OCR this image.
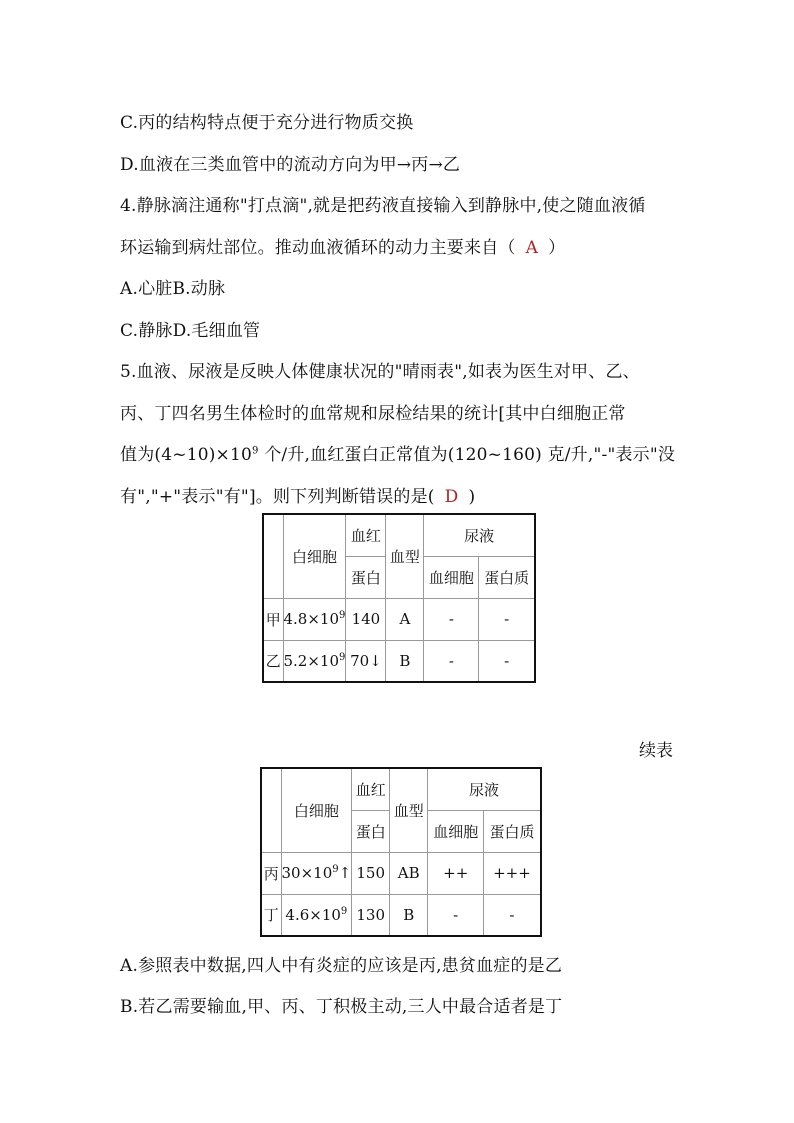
C.丙的结构特点便于充分进行物质交换
D.血液在三类血管中的流动方向为甲→丙→乙
4.静脉滴注通称"打点滴",就是把药液直接输入到静脉中,使之随血液循
环运输到病灶部位。推动血液循环的动力主要来自（ A ）
A.心脏B.动脉
C.静脉D.毛细血管
5.血液、尿液是反映人体健康状况的"晴雨表",如表为医生对甲、乙、
丙、丁四名男生体检时的血常规和尿检结果的统计[其中白细胞正常
值为$(4\sim 10)\times 10^9$ 个/升,血红蛋白正常值为(120~160) 克/升,"-"表示"没
有","+"表示"有"]。则下列判断错误的是( D )
	白细胞	血红	血型	尿液	
		蛋白		血细胞	蛋白质
甲	$4.8\times 10^9$	140	A	-	-
乙	$5.2\times 10^9$	70↓	B	-	-
续表
	白细胞	血红	血型	尿液	
		蛋白		血细胞	蛋白质
丙	$30\times 10^9↑$	150	AB	++	+++
丁	$4.6\times 10^9$	130	B	-	-
A.参照表中数据,四人中有炎症的应该是丙,患贫血症的是乙
B.若乙需要输血,甲、丙、丁积极主动,三人中最合适者是丁
